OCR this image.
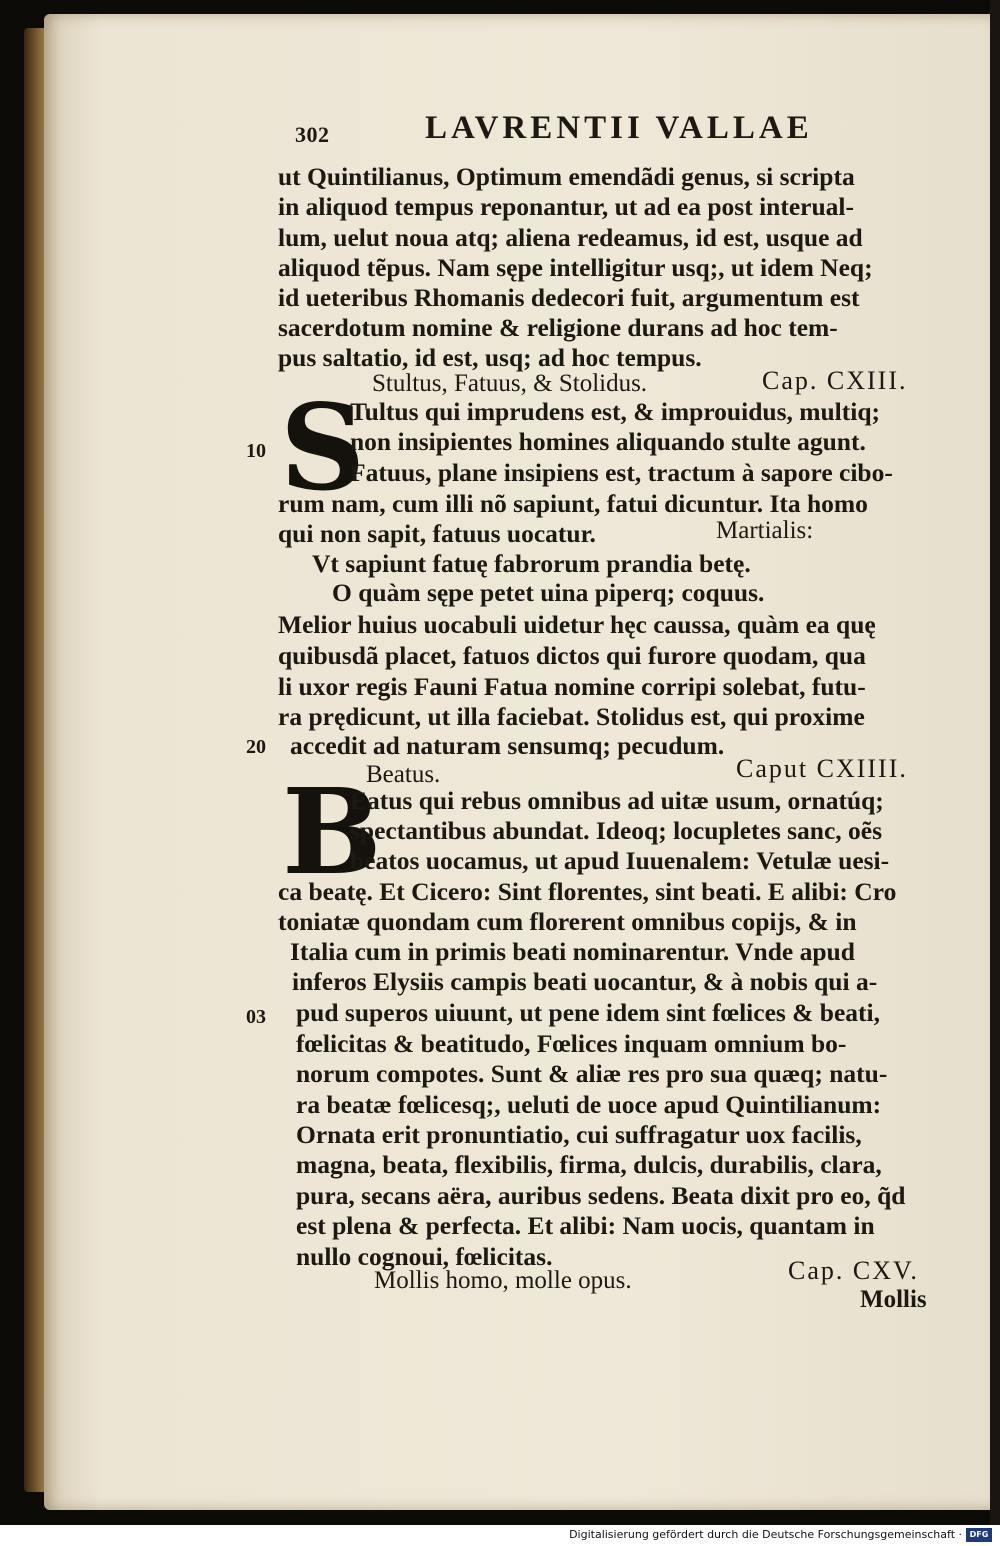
302	LAVRENTII VALLAE
ut Quintilianus, Optimum emendãdi genus, si scripta
in aliquod tempus reponantur, ut ad ea post interual-
lum, uelut noua atq; aliena redeamus, id est, usque ad
aliquod tẽpus. Nam sępe intelligitur usq;, ut idem Neq;
id ueteribus Rhomanis dedecori fuit, argumentum est
sacerdotum nomine & religione durans ad hoc tem-
pus saltatio, id est, usq; ad hoc tempus.
Stultus, Fatuus, & Stolidus.	Cap. CXIII.
S
10
Tultus qui imprudens est, & improuidus, multiq;
non insipientes homines aliquando stulte agunt.
Fatuus, plane insipiens est, tractum à sapore cibo-
rum nam, cum illi nõ sapiunt, fatui dicuntur. Ita homo
qui non sapit, fatuus uocatur.	Martialis:
Vt sapiunt fatuę fabrorum prandia betę.
O quàm sępe petet uina piperq; coquus.
Melior huius uocabuli uidetur hęc caussa, quàm ea quę
quibusdã placet, fatuos dictos qui furore quodam, qua
li uxor regis Fauni Fatua nomine corripi solebat, futu-
ra prędicunt, ut illa faciebat. Stolidus est, qui proxime
accedit ad naturam sensumq; pecudum.
20
Beatus.	Caput CXIIII.
B
Eatus qui rebus omnibus ad uitæ usum, ornatúq;
spectantibus abundat. Ideoq; locupletes sanc, oẽs
beatos uocamus, ut apud Iuuenalem: Vetulæ uesi-
ca beatę. Et Cicero: Sint florentes, sint beati. E alibi: Cro
toniatæ quondam cum florerent omnibus copijs, & in
Italia cum in primis beati nominarentur. Vnde apud
inferos Elysiis campis beati uocantur, & à nobis qui a-
pud superos uiuunt, ut pene idem sint fœlices & beati,
03
fœlicitas & beatitudo, Fœlices inquam omnium bo-
norum compotes. Sunt & aliæ res pro sua quæq; natu-
ra beatæ fœlicesq;, ueluti de uoce apud Quintilianum:
Ornata erit pronuntiatio, cui suffragatur uox facilis,
magna, beata, flexibilis, firma, dulcis, durabilis, clara,
pura, secans aëra, auribus sedens. Beata dixit pro eo, q̃d
est plena & perfecta. Et alibi: Nam uocis, quantam in
nullo cognoui, fœlicitas.
Mollis homo, molle opus.	Cap. CXV.
Mollis
Digitalisierung gefördert durch die Deutsche Forschungsgemeinschaft · DFG
